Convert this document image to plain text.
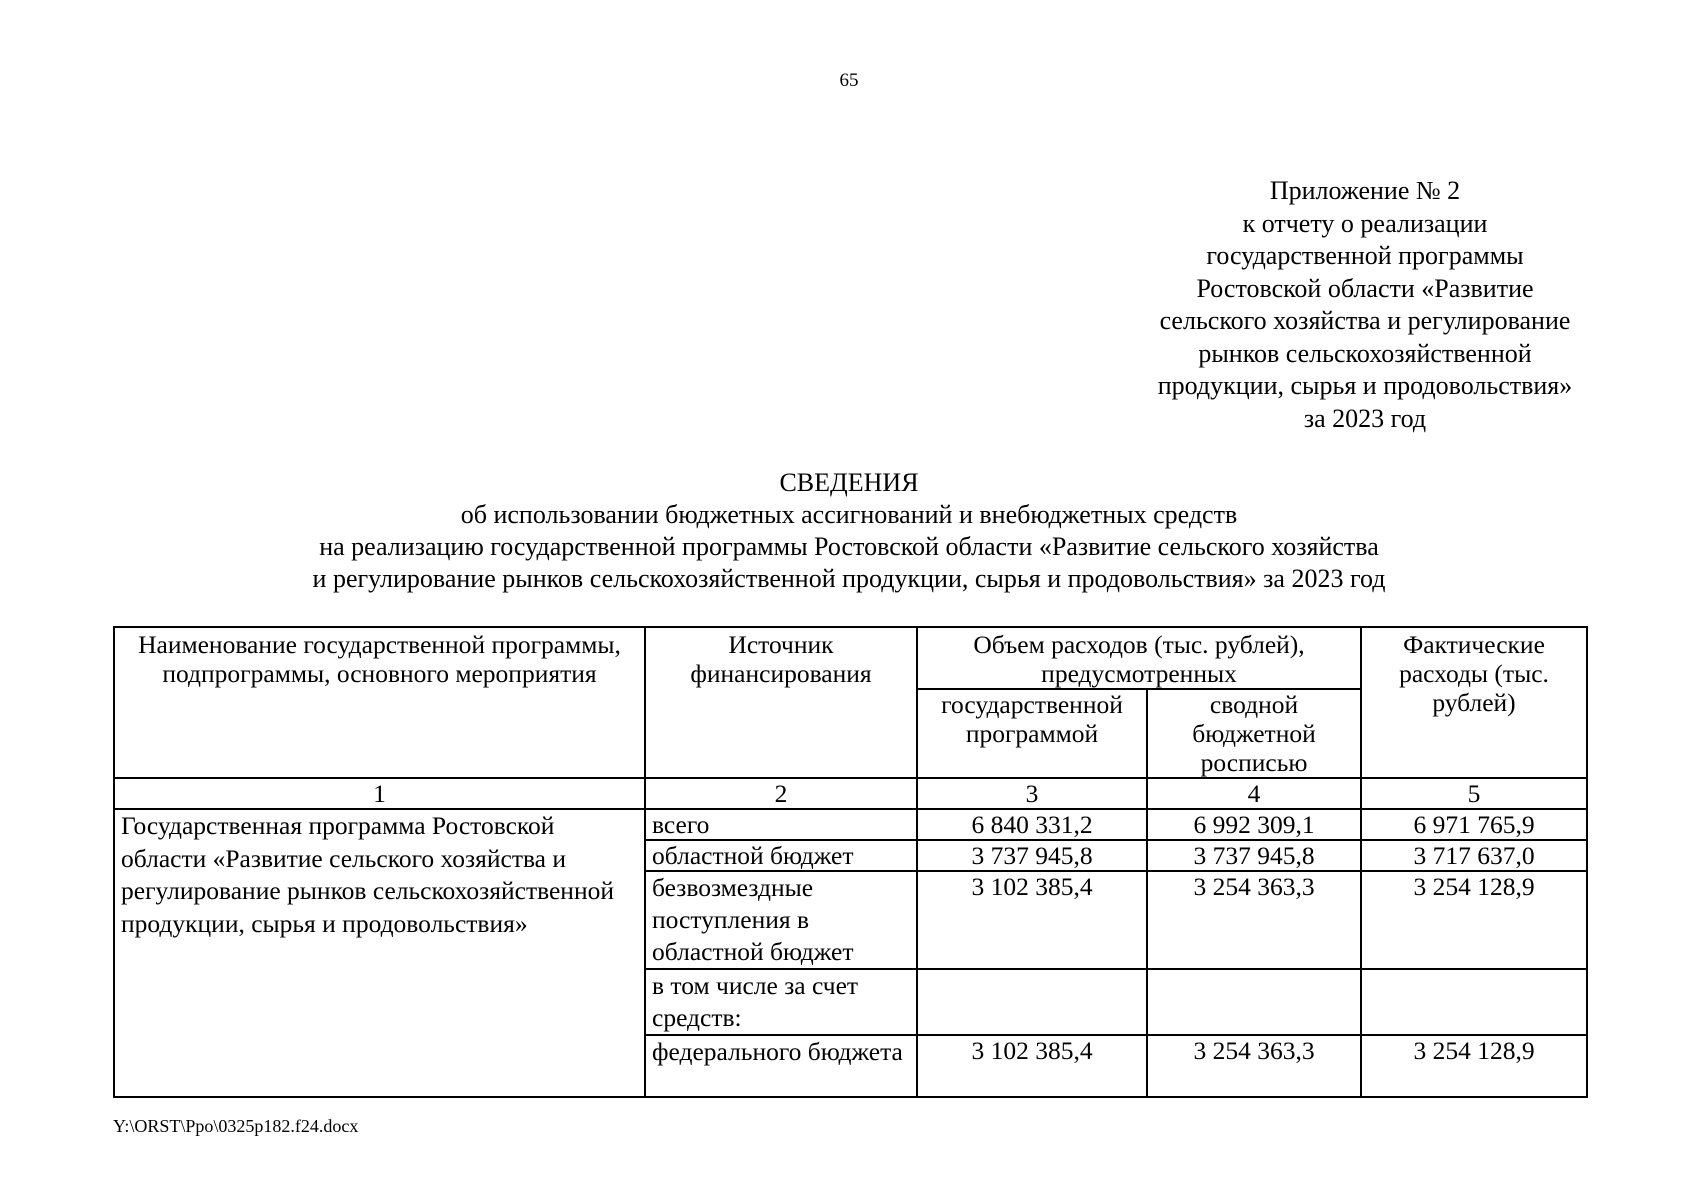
65
Приложение № 2
к отчету о реализации
государственной программы
Ростовской области «Развитие
сельского хозяйства и регулирование
рынков сельскохозяйственной
продукции, сырья и продовольствия»
за 2023 год
СВЕДЕНИЯ
об использовании бюджетных ассигнований и внебюджетных средств
на реализацию государственной программы Ростовской области «Развитие сельского хозяйства
и регулирование рынков сельскохозяйственной продукции, сырья и продовольствия» за 2023 год
Наименование государственной программы, подпрограммы, основного мероприятия	Источник финансирования	Объем расходов (тыс. рублей), предусмотренных		Фактические расходы (тыс. рублей)
		государственной программой	сводной бюджетной росписью	
1	2	3	4	5
Государственная программа Ростовской области «Развитие сельского хозяйства и регулирование рынков сельскохозяйственной продукции, сырья и продовольствия»	всего	6 840 331,2	6 992 309,1	6 971 765,9
	областной бюджет	3 737 945,8	3 737 945,8	3 717 637,0
	безвозмездные поступления в областной бюджет	3 102 385,4	3 254 363,3	3 254 128,9
	в том числе за счет средств:			
	федерального бюджета	3 102 385,4	3 254 363,3	3 254 128,9
Y:\ORST\Ppo\0325p182.f24.docx
